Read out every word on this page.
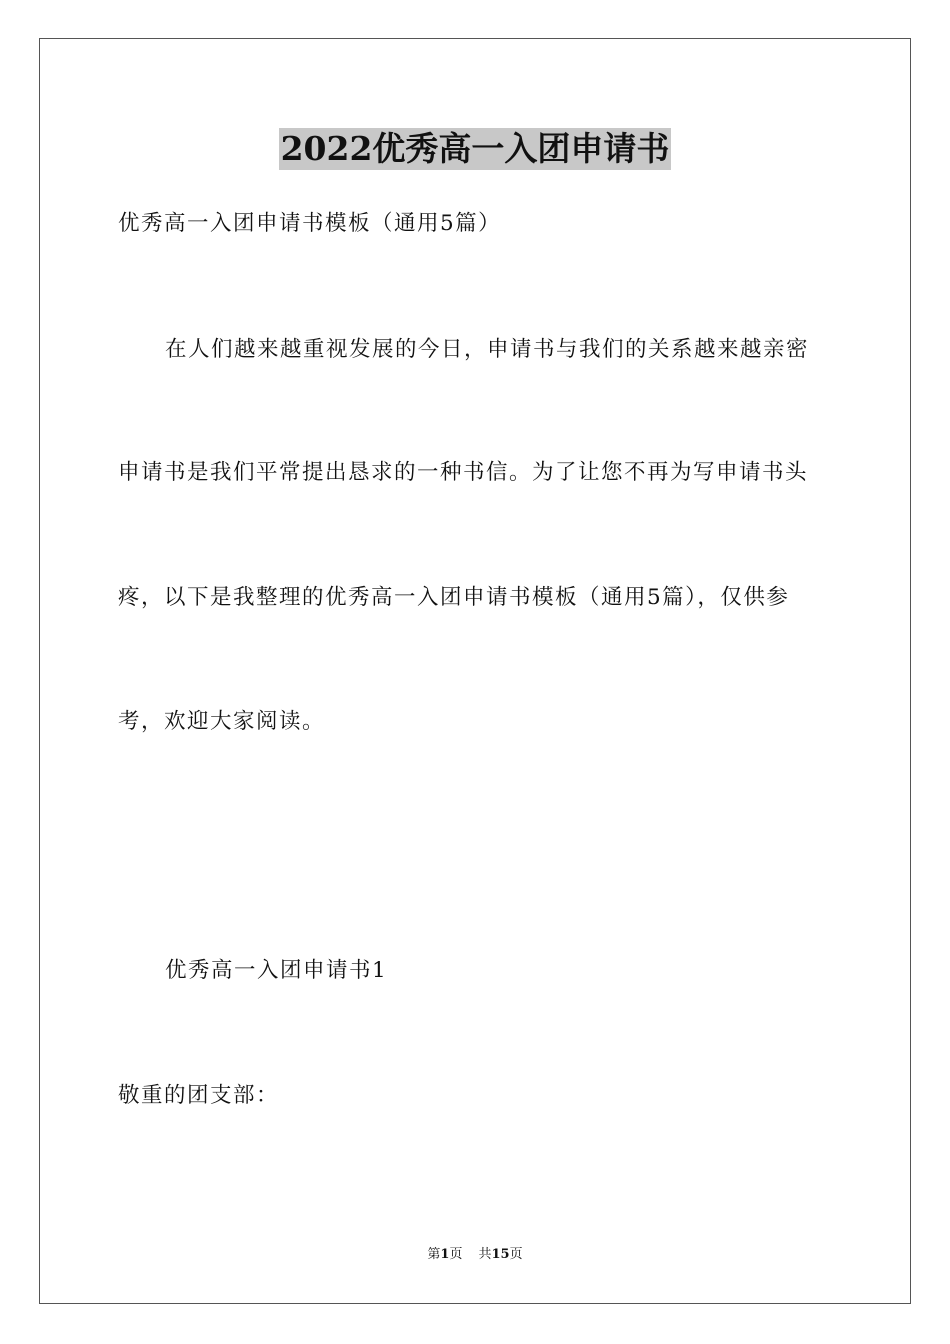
2022优秀高一入团申请书
优秀高一入团申请书模板（通用5篇）
在人们越来越重视发展的今日，申请书与我们的关系越来越亲密
申请书是我们平常提出恳求的一种书信。为了让您不再为写申请书头
疼，以下是我整理的优秀高一入团申请书模板（通用5篇），仅供参
考，欢迎大家阅读。
优秀高一入团申请书1
敬重的团支部：
第1页 共15页
